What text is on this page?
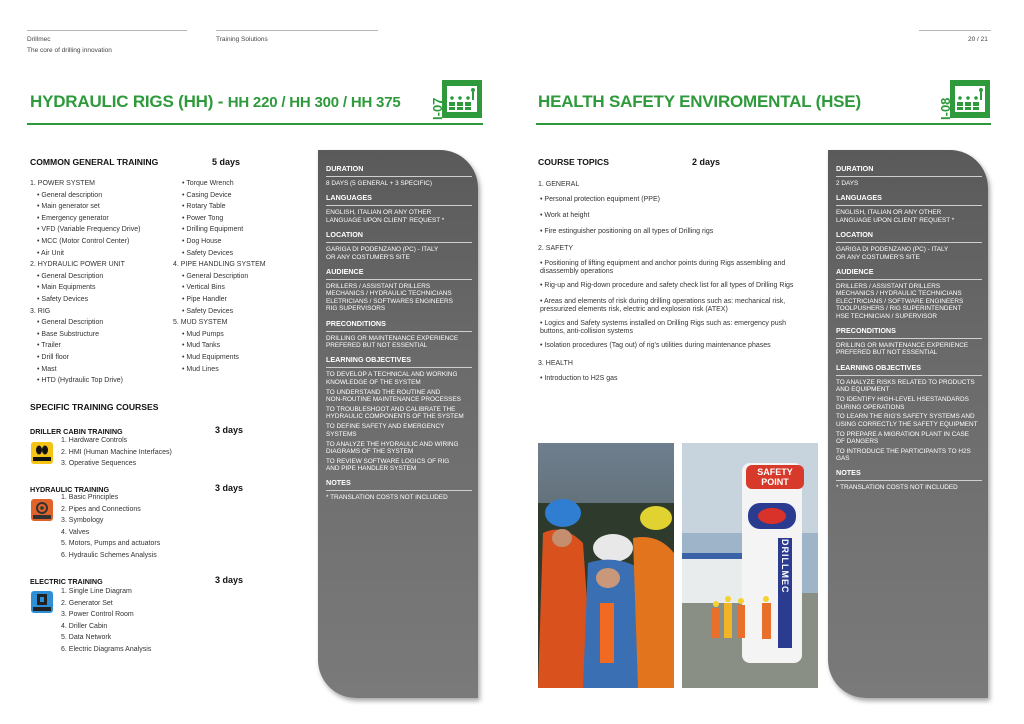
Drillmec
The core of drilling innovation
Training Solutions	20 / 21
HYDRAULIC RIGS (HH) - HH 220 / HH 300 / HH 375 I-07
COMMON GENERAL TRAINING	5 days
1. POWER SYSTEM
• General description
• Main generator set
• Emergency generator
• VFD (Variable Frequency Drive)
• MCC (Motor Control Center)
• Air Unit
2. HYDRAULIC POWER UNIT
• General Description
• Main Equipments
• Safety Devices
3. RIG
• General Description
• Base Substructure
• Trailer
• Drill floor
• Mast
• HTD (Hydraulic Top Drive)
• Torque Wrench
• Casing Device
• Rotary Table
• Power Tong
• Drilling Equipment
• Dog House
• Safety Devices
4. PIPE HANDLING SYSTEM
• General Description
• Vertical Bins
• Pipe Handler
• Safety Devices
5. MUD SYSTEM
• Mud Pumps
• Mud Tanks
• Mud Equipments
• Mud Lines
SPECIFIC TRAINING COURSES
DRILLER CABIN TRAINING	3 days
1. Hardware Controls
2. HMI (Human Machine Interfaces)
3. Operative Sequences
HYDRAULIC TRAINING	3 days
1. Basic Principles
2. Pipes and Connections
3. Symbology
4. Valves
5. Motors, Pumps and actuators
6. Hydraulic Schemes Analysis
ELECTRIC TRAINING	3 days
1. Single Line Diagram
2. Generator Set
3. Power Control Room
4. Driller Cabin
5. Data Network
6. Electric Diagrams Analysis
DURATION
8 DAYS (5 GENERAL + 3 SPECIFIC)
LANGUAGES
ENGLISH, ITALIAN OR ANY OTHER
LANGUAGE UPON CLIENT' REQUEST *
LOCATION
GARIGA DI PODENZANO (PC) - ITALY
OR ANY COSTUMER'S SITE
AUDIENCE
DRILLERS / ASSISTANT DRILLERS
MECHANICS / HYDRAULIC TECHNICIANS
ELETRICIANS / SOFTWARES ENGINEERS
RIG SUPERVISORS
PRECONDITIONS
DRILLING OR MAINTENANCE EXPERIENCE
PREFERED BUT NOT ESSENTIAL
LEARNING OBJECTIVES
TO DEVELOP A TECHNICAL AND WORKING
KNOWLEDGE OF THE SYSTEM
TO UNDERSTAND THE ROUTINE AND
NON-ROUTINE MAINTENANCE PROCESSES
TO TROUBLESHOOT AND CALIBRATE THE
HYDRAULIC COMPONENTS OF THE SYSTEM
TO DEFINE SAFETY AND EMERGENCY
SYSTEMS
TO ANALYZE THE HYDRAULIC AND WIRING
DIAGRAMS OF THE SYSTEM
TO REVIEW SOFTWARE LOGICS OF RIG
AND PIPE HANDLER SYSTEM
NOTES
* TRANSLATION COSTS NOT INCLUDED
HEALTH SAFETY ENVIROMENTAL (HSE)	I-08
COURSE TOPICS	2 days
1. GENERAL
• Personal protection equipment (PPE)
• Work at height
• Fire estinguisher positioning on all types of Drilling rigs
2. SAFETY
• Positioning of lifting equipment and anchor points during Rigs assembling and
disassembly operations
• Rig-up and Rig-down procedure and safety check list for all types of Drilling Rigs
• Areas and elements of risk during drilling operations such as: mechanical risk,
pressurized elements risk, electric and explosion risk (ATEX)
• Logics and Safety systems installed on Drilling Rigs such as: emergency push
buttons, anti-collision systems
• Isolation procedures (Tag out) of rig's utilities during maintenance phases
3. HEALTH
• Introduction to H2S gas
SAFETY POINT
DRILLMEC
DURATION
2 DAYS
LANGUAGES
ENGLISH, ITALIAN OR ANY OTHER
LANGUAGE UPON CLIENT' REQUEST *
LOCATION
GARIGA DI PODENZANO (PC) - ITALY
OR ANY COSTUMER'S SITE
AUDIENCE
DRILLERS / ASSISTANT DRILLERS
MECHANICS / HYDRAULIC TECHNICIANS
ELECTRICIANS / SOFTWARE ENGINEERS
TOOLPUSHERS / RIG SUPERINTENDENT
HSE TECHNICIAN / SUPERVISOR
PRECONDITIONS
DRILLING OR MAINTENANCE EXPERIENCE
PREFERED BUT NOT ESSENTIAL
LEARNING OBJECTIVES
TO ANALYZE RISKS RELATED TO PRODUCTS
AND EQUIPMENT
TO IDENTIFY HIGH-LEVEL HSESTANDARDS
DURING OPERATIONS
TO LEARN THE RIG'S SAFETY SYSTEMS AND
USING CORRECTLY THE SAFETY EQUIPMENT
TO PREPARE A MIGRATION PLANT IN CASE
OF DANGERS
TO INTRODUCE THE PARTICIPANTS TO H2S
GAS
NOTES
* TRANSLATION COSTS NOT INCLUDED
